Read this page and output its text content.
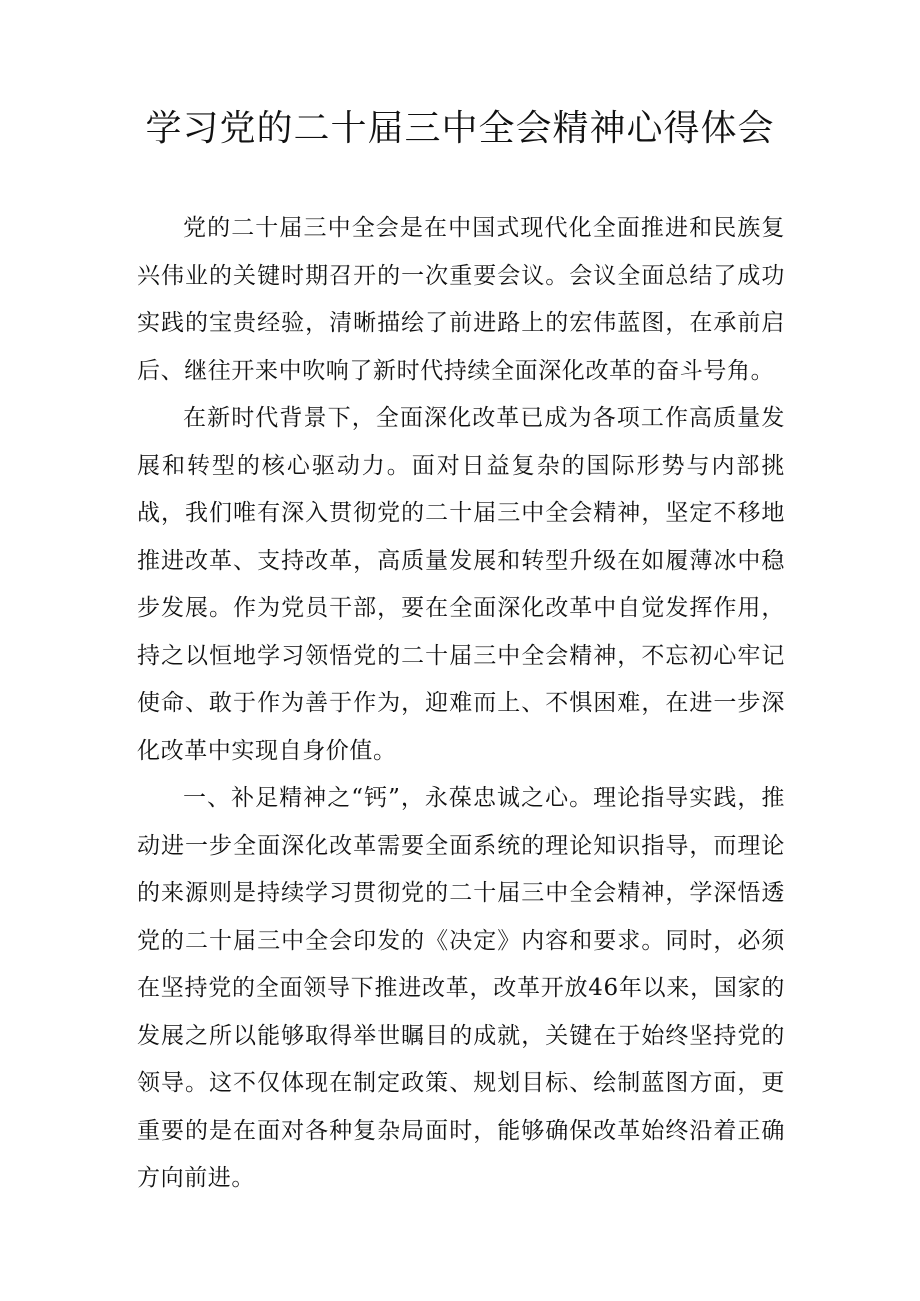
学习党的二十届三中全会精神心得体会

党的二十届三中全会是在中国式现代化全面推进和民族复兴伟业的关键时期召开的一次重要会议。会议全面总结了成功实践的宝贵经验，清晰描绘了前进路上的宏伟蓝图，在承前启后、继往开来中吹响了新时代持续全面深化改革的奋斗号角。

在新时代背景下，全面深化改革已成为各项工作高质量发展和转型的核心驱动力。面对日益复杂的国际形势与内部挑战，我们唯有深入贯彻党的二十届三中全会精神，坚定不移地推进改革、支持改革，高质量发展和转型升级在如履薄冰中稳步发展。作为党员干部，要在全面深化改革中自觉发挥作用，持之以恒地学习领悟党的二十届三中全会精神，不忘初心牢记使命、敢于作为善于作为，迎难而上、不惧困难，在进一步深化改革中实现自身价值。

一、补足精神之“钙”，永葆忠诚之心。理论指导实践，推动进一步全面深化改革需要全面系统的理论知识指导，而理论的来源则是持续学习贯彻党的二十届三中全会精神，学深悟透党的二十届三中全会印发的《决定》内容和要求。同时，必须在坚持党的全面领导下推进改革，改革开放46年以来，国家的发展之所以能够取得举世瞩目的成就，关键在于始终坚持党的领导。这不仅体现在制定政策、规划目标、绘制蓝图方面，更重要的是在面对各种复杂局面时，能够确保改革始终沿着正确方向前进。
